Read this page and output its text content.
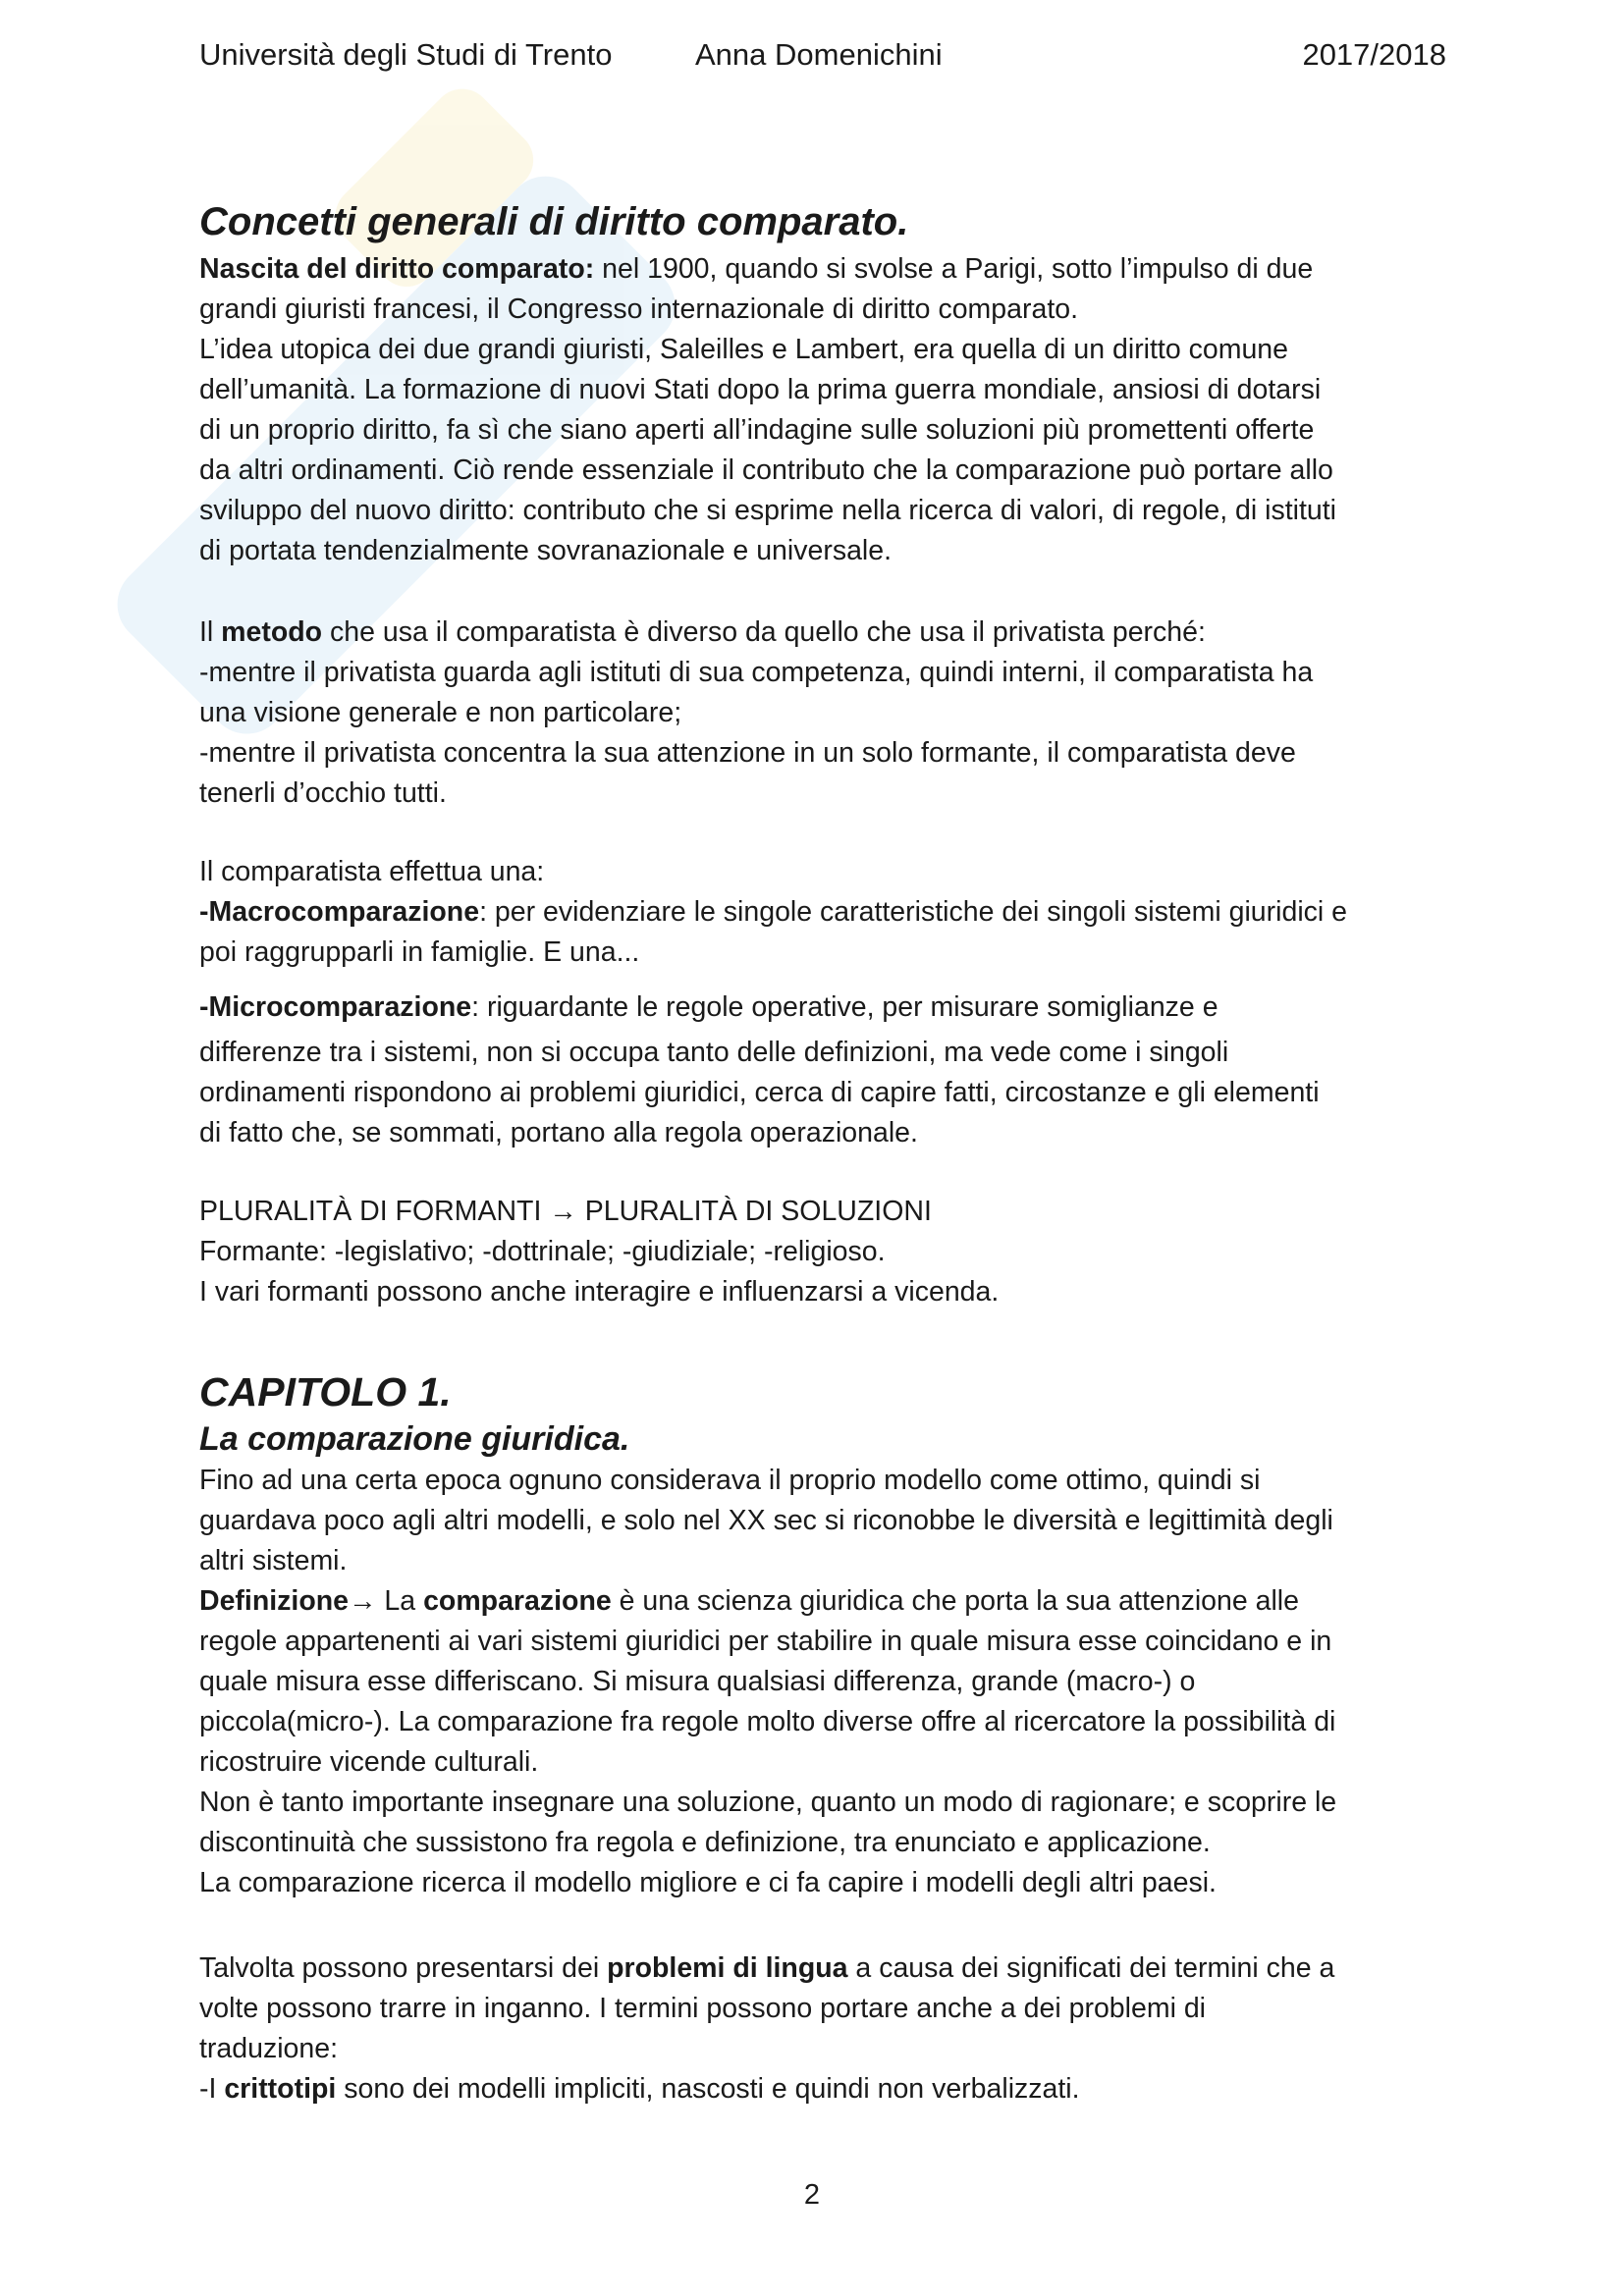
Università degli Studi di Trento	Anna Domenichini	2017/2018
Concetti generali di diritto comparato.

Nascita del diritto comparato: nel 1900, quando si svolse a Parigi, sotto l’impulso di due
grandi giuristi francesi, il Congresso internazionale di diritto comparato.
L’idea utopica dei due grandi giuristi, Saleilles e Lambert, era quella di un diritto comune
dell’umanità. La formazione di nuovi Stati dopo la prima guerra mondiale, ansiosi di dotarsi
di un proprio diritto, fa sì che siano aperti all’indagine sulle soluzioni più promettenti offerte
da altri ordinamenti. Ciò rende essenziale il contributo che la comparazione può portare allo
sviluppo del nuovo diritto: contributo che si esprime nella ricerca di valori, di regole, di istituti
di portata tendenzialmente sovranazionale e universale.

Il metodo che usa il comparatista è diverso da quello che usa il privatista perché:
-mentre il privatista guarda agli istituti di sua competenza, quindi interni, il comparatista ha
una visione generale e non particolare;
-mentre il privatista concentra la sua attenzione in un solo formante, il comparatista deve
tenerli d’occhio tutti.

Il comparatista effettua una:
-Macrocomparazione: per evidenziare le singole caratteristiche dei singoli sistemi giuridici e
poi raggrupparli in famiglie. E una...

-Microcomparazione: riguardante le regole operative, per misurare somiglianze e

differenze tra i sistemi, non si occupa tanto delle definizioni, ma vede come i singoli
ordinamenti rispondono ai problemi giuridici, cerca di capire fatti, circostanze e gli elementi
di fatto che, se sommati, portano alla regola operazionale.

PLURALITÀ DI FORMANTI → PLURALITÀ DI SOLUZIONI
Formante: -legislativo; -dottrinale; -giudiziale; -religioso.
I vari formanti possono anche interagire e influenzarsi a vicenda.

CAPITOLO 1.
La comparazione giuridica.

Fino ad una certa epoca ognuno considerava il proprio modello come ottimo, quindi si
guardava poco agli altri modelli, e solo nel XX sec si riconobbe le diversità e legittimità degli
altri sistemi.
Definizione→ La comparazione è una scienza giuridica che porta la sua attenzione alle
regole appartenenti ai vari sistemi giuridici per stabilire in quale misura esse coincidano e in
quale misura esse differiscano. Si misura qualsiasi differenza, grande (macro-) o
piccola(micro-). La comparazione fra regole molto diverse offre al ricercatore la possibilità di
ricostruire vicende culturali.
Non è tanto importante insegnare una soluzione, quanto un modo di ragionare; e scoprire le
discontinuità che sussistono fra regola e definizione, tra enunciato e applicazione.
La comparazione ricerca il modello migliore e ci fa capire i modelli degli altri paesi.

Talvolta possono presentarsi dei problemi di lingua a causa dei significati dei termini che a
volte possono trarre in inganno. I termini possono portare anche a dei problemi di
traduzione:
-I crittotipi sono dei modelli impliciti, nascosti e quindi non verbalizzati.

2
